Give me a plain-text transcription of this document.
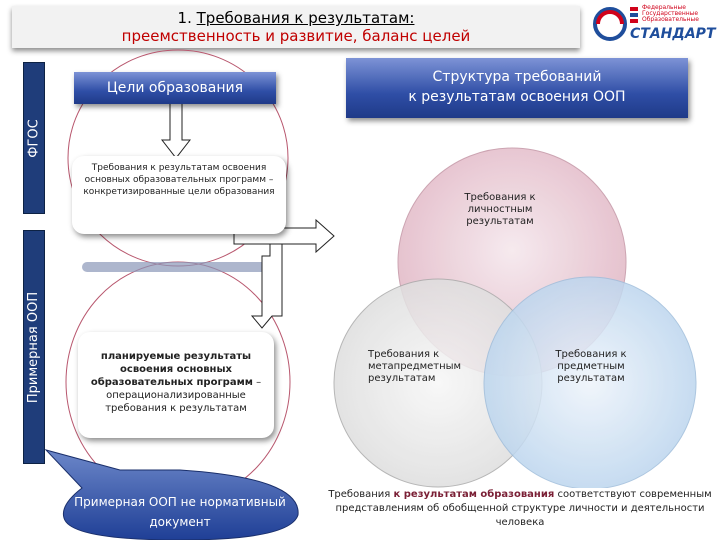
1. Требования к результатам:
преемственность и развитие, баланс целей
Федеральные
Государственные
Образовательные
СТАНДАРТ
ФГОС
Примерная ООП
Цели образования
Требования к результатам освоения основных образовательных программ – конкретизированные цели образования
планируемые результаты освоения основных образовательных программ – операционализированные требования к результатам
Примерная ООП не нормативный документ
Структура требований
к результатам освоения ООП
Требования к личностным результатам
Требования к метапредметным результатам
Требования к предметным результатам
Требования к результатам образования соответствуют современным представлениям об обобщенной структуре личности и деятельности человека
